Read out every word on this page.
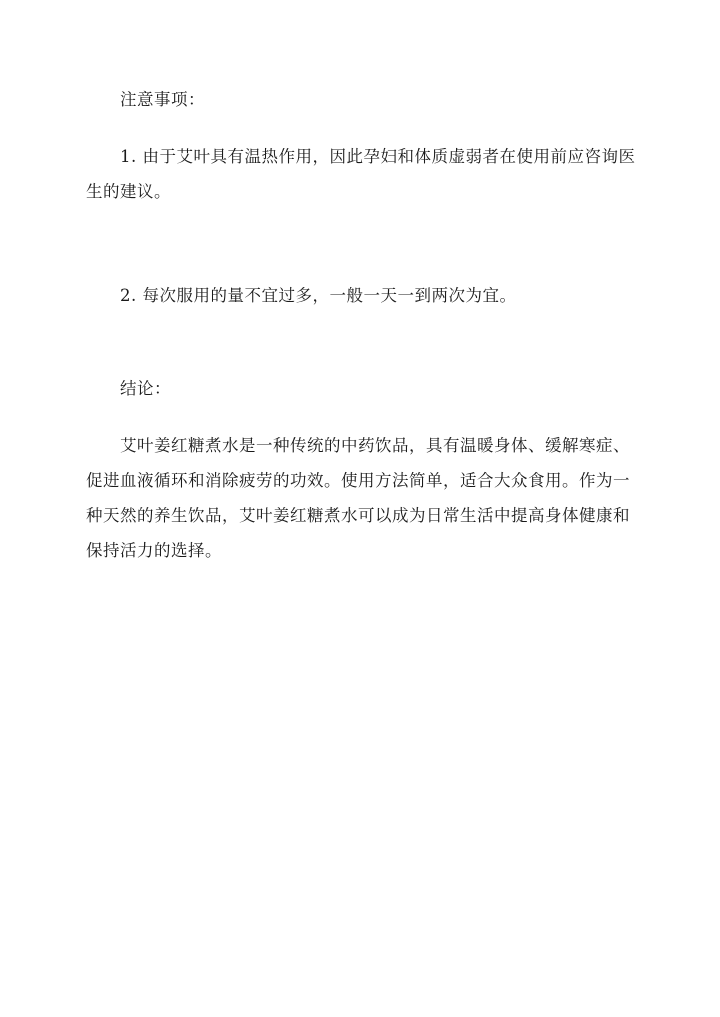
注意事项：

1. 由于艾叶具有温热作用，因此孕妇和体质虚弱者在使用前应咨询医生的建议。

2. 每次服用的量不宜过多，一般一天一到两次为宜。

结论：

艾叶姜红糖煮水是一种传统的中药饮品，具有温暖身体、缓解寒症、促进血液循环和消除疲劳的功效。使用方法简单，适合大众食用。作为一种天然的养生饮品，艾叶姜红糖煮水可以成为日常生活中提高身体健康和保持活力的选择。
